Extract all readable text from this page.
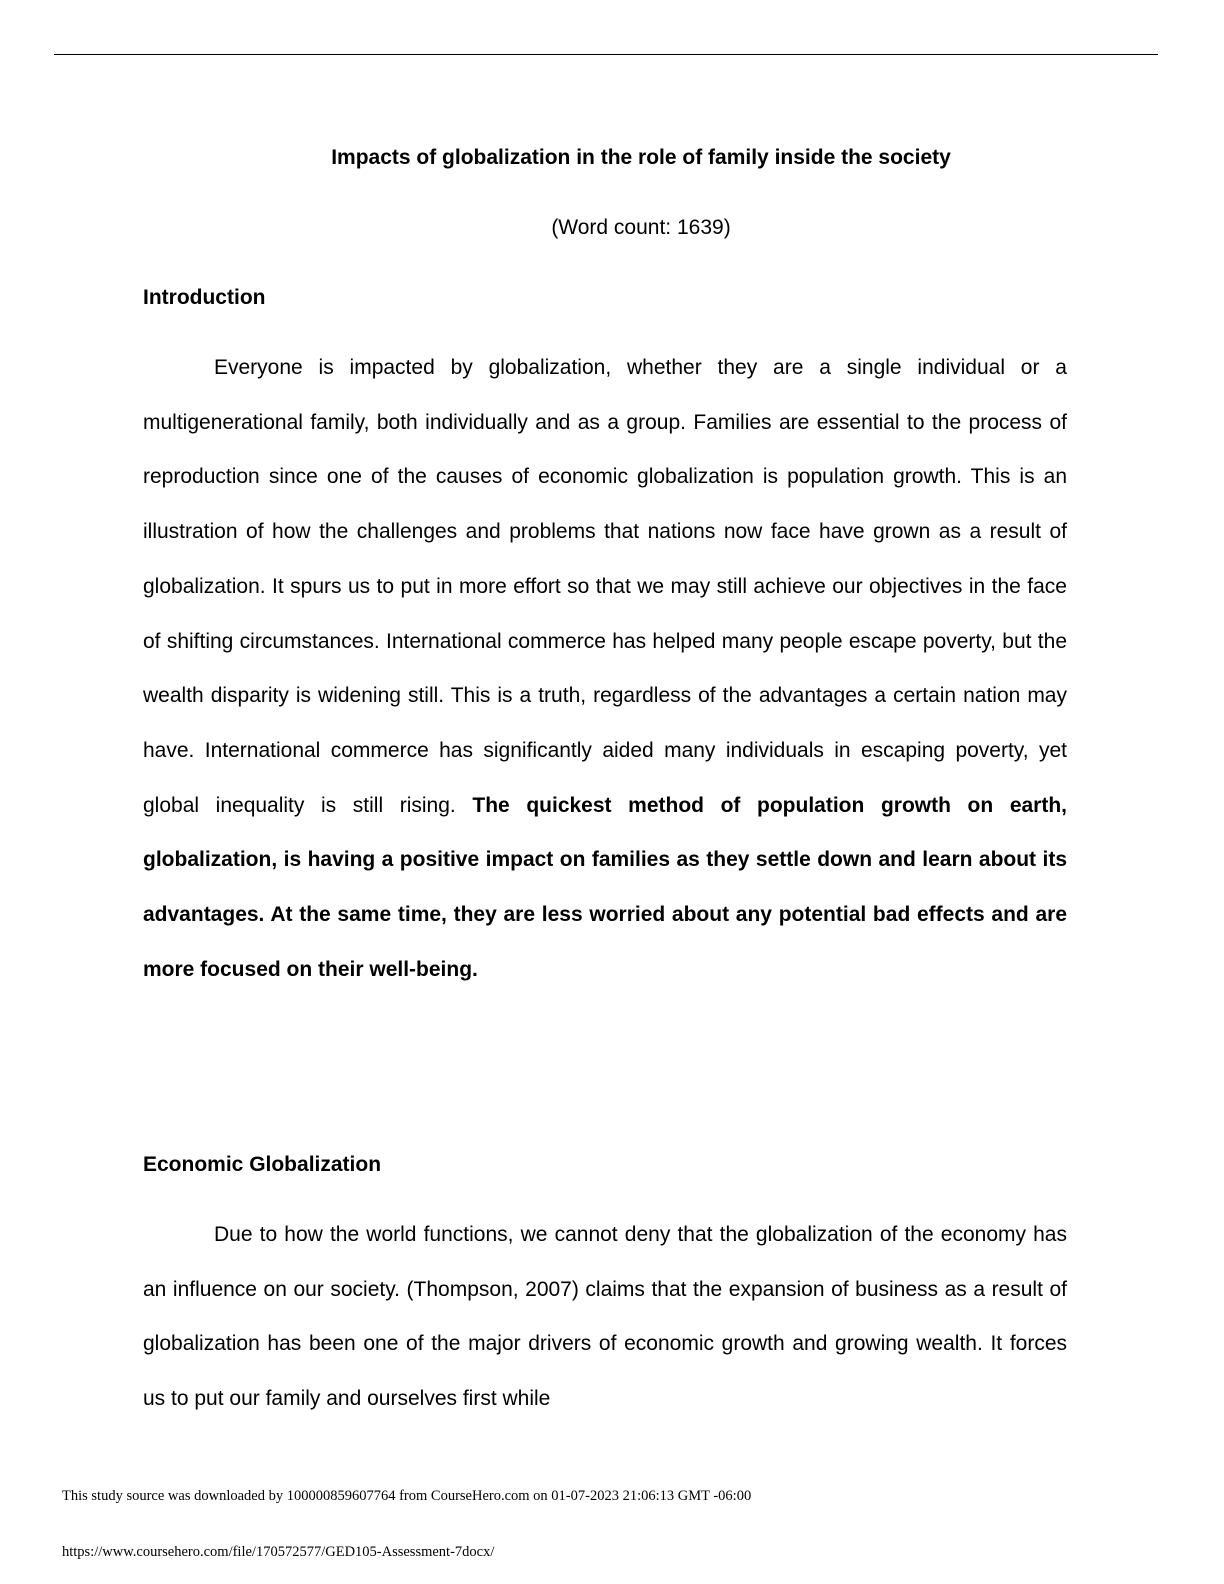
Impacts of globalization in the role of family inside the society
(Word count: 1639)
Introduction

Everyone is impacted by globalization, whether they are a single individual or a multigenerational family, both individually and as a group. Families are essential to the process of reproduction since one of the causes of economic globalization is population growth. This is an illustration of how the challenges and problems that nations now face have grown as a result of globalization. It spurs us to put in more effort so that we may still achieve our objectives in the face of shifting circumstances. International commerce has helped many people escape poverty, but the wealth disparity is widening still. This is a truth, regardless of the advantages a certain nation may have. International commerce has significantly aided many individuals in escaping poverty, yet global inequality is still rising. The quickest method of population growth on earth, globalization, is having a positive impact on families as they settle down and learn about its advantages. At the same time, they are less worried about any potential bad effects and are more focused on their well-being.

Economic Globalization

Due to how the world functions, we cannot deny that the globalization of the economy has an influence on our society. (Thompson, 2007) claims that the expansion of business as a result of globalization has been one of the major drivers of economic growth and growing wealth. It forces us to put our family and ourselves first while

This study source was downloaded by 100000859607764 from CourseHero.com on 01-07-2023 21:06:13 GMT -06:00
https://www.coursehero.com/file/170572577/GED105-Assessment-7docx/
